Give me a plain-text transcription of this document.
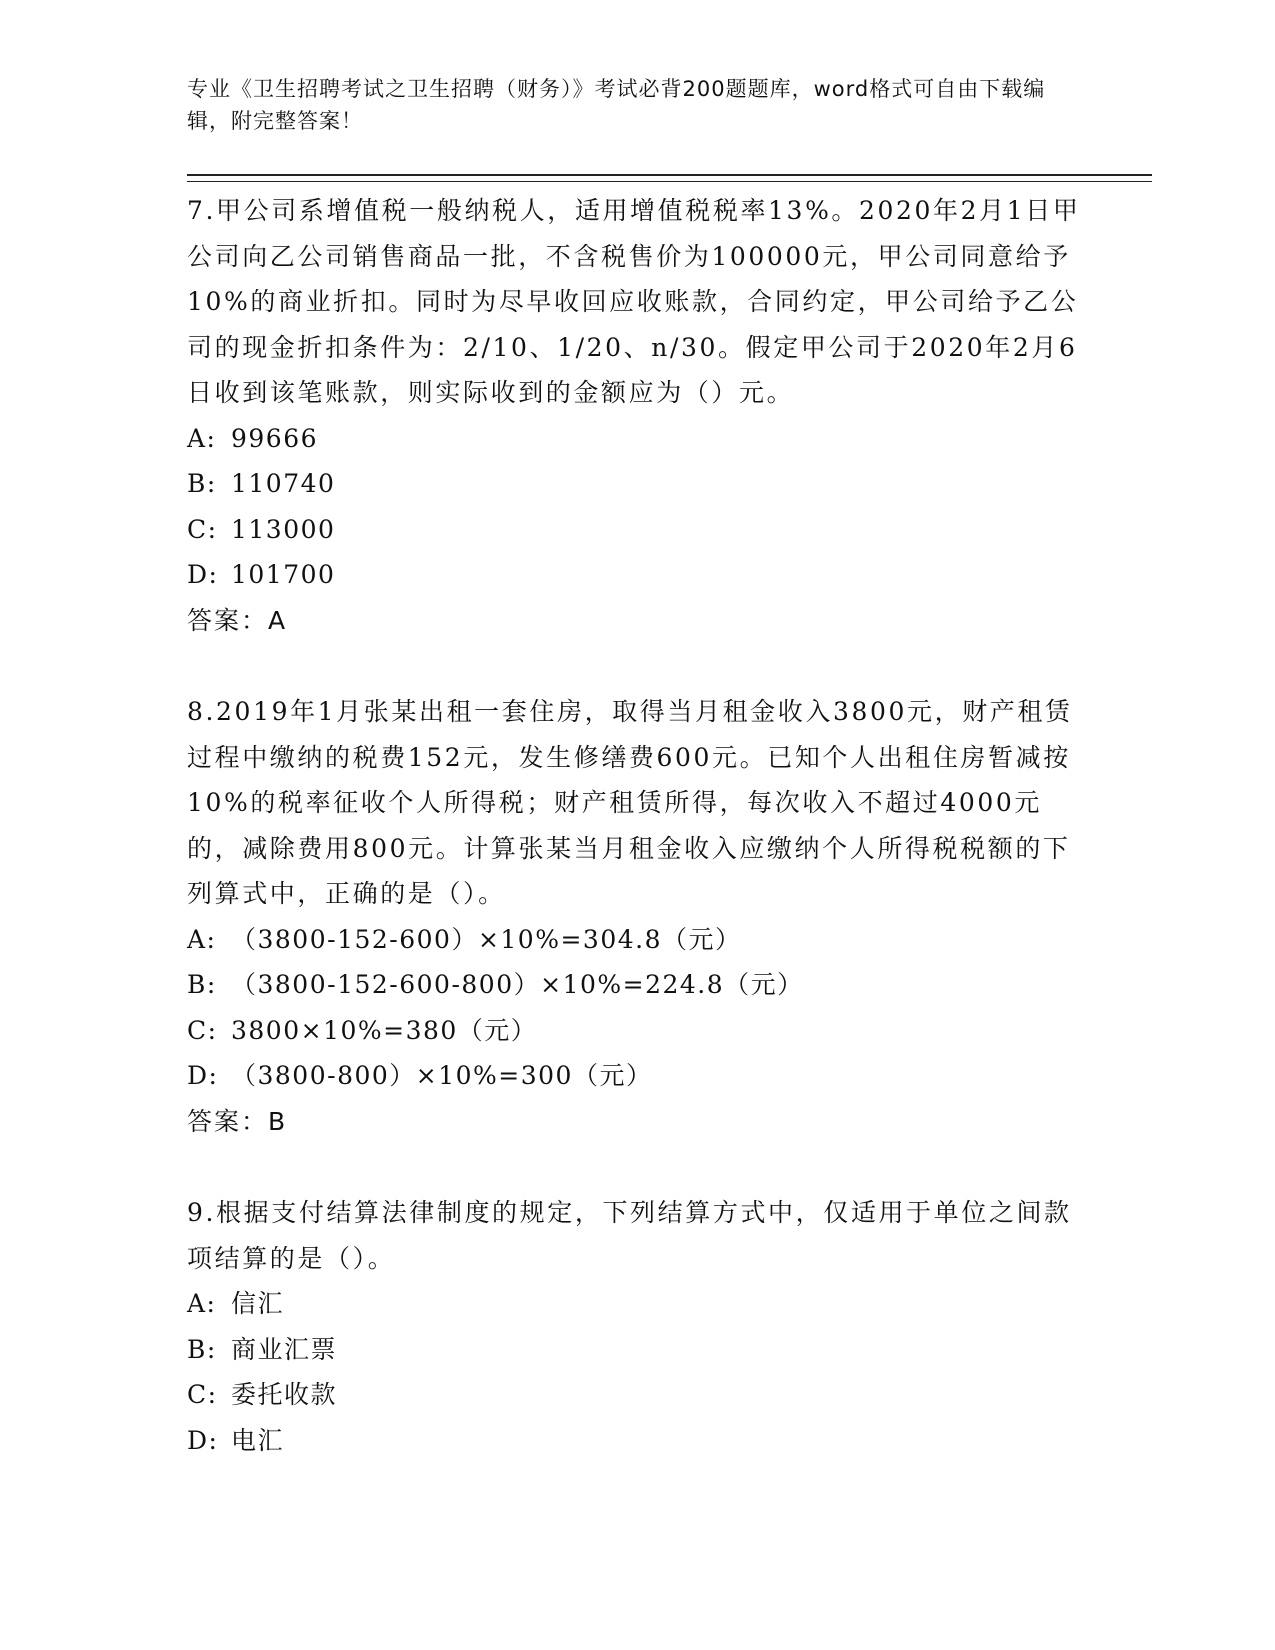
专业《卫生招聘考试之卫生招聘（财务）》考试必背200题题库，word格式可自由下载编辑，附完整答案！

7.甲公司系增值税一般纳税人，适用增值税税率13%。2020年2月1日甲公司向乙公司销售商品一批，不含税售价为100000元，甲公司同意给予10%的商业折扣。同时为尽早收回应收账款，合同约定，甲公司给予乙公司的现金折扣条件为：2/10、1/20、n/30。假定甲公司于2020年2月6日收到该笔账款，则实际收到的金额应为（）元。

A: 99666

B: 110740

C: 113000

D: 101700

答案：A

8.2019年1月张某出租一套住房，取得当月租金收入3800元，财产租赁过程中缴纳的税费152元，发生修缮费600元。已知个人出租住房暂减按10%的税率征收个人所得税；财产租赁所得，每次收入不超过4000元的，减除费用800元。计算张某当月租金收入应缴纳个人所得税税额的下列算式中，正确的是（）。

A: （3800-152-600）×10%=304.8（元）

B: （3800-152-600-800）×10%=224.8（元）

C: 3800×10%=380（元）

D: （3800-800）×10%=300（元）

答案：B

9.根据支付结算法律制度的规定，下列结算方式中，仅适用于单位之间款项结算的是（）。

A: 信汇

B: 商业汇票

C: 委托收款

D: 电汇
